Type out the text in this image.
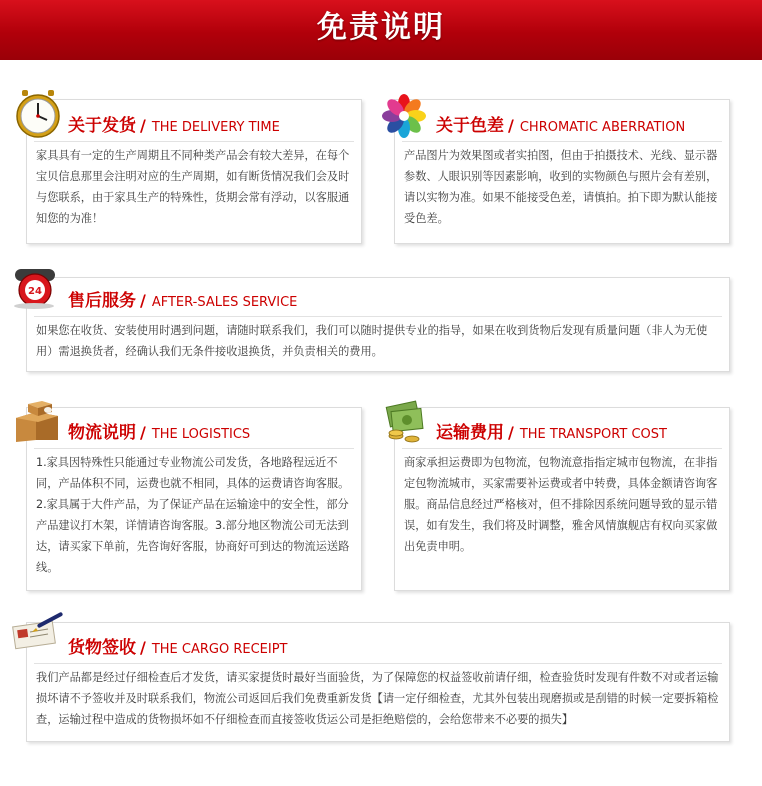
免责说明
关于发货 / THE DELIVERY TIME
家具具有一定的生产周期且不同种类产品会有较大差异，在每个宝贝信息那里会注明对应的生产周期，如有断货情况我们会及时与您联系，由于家具生产的特殊性，货期会常有浮动，以客服通知您的为准！
关于色差 / CHROMATIC ABERRATION
产品图片为效果图或者实拍图，但由于拍摄技术、光线、显示器参数、人眼识别等因素影响，收到的实物颜色与照片会有差别，请以实物为准。如果不能接受色差，请慎拍。拍下即为默认能接受色差。
24 售后服务 / AFTER-SALES SERVICE
如果您在收货、安装使用时遇到问题，请随时联系我们，我们可以随时提供专业的指导，如果在收到货物后发现有质量问题（非人为无使用）需退换货者，经确认我们无条件接收退换货，并负责相关的费用。
物流说明 / THE LOGISTICS
1.家具因特殊性只能通过专业物流公司发货，各地路程远近不同，产品体积不同，运费也就不相同，具体的运费请咨询客服。2.家具属于大件产品，为了保证产品在运输途中的安全性，部分产品建议打木架，详情请咨询客服。3.部分地区物流公司无法到达，请买家下单前，先咨询好客服，协商好可到达的物流运送路线。
运输费用 / THE TRANSPORT COST
商家承担运费即为包物流，包物流意指指定城市包物流，在非指定包物流城市，买家需要补运费或者中转费，具体金额请咨询客服。商品信息经过严格核对，但不排除因系统问题导致的显示错误，如有发生，我们将及时调整，雅舍风情旗舰店有权向买家做出免责申明。
货物签收 / THE CARGO RECEIPT
我们产品都是经过仔细检查后才发货，请买家提货时最好当面验货，为了保障您的权益签收前请仔细，检查验货时发现有件数不对或者运输损坏请不予签收并及时联系我们，物流公司返回后我们免费重新发货【请一定仔细检查，尤其外包装出现磨损或是刮错的时候一定要拆箱检查，运输过程中造成的货物损坏如不仔细检查而直接签收货运公司是拒绝赔偿的，会给您带来不必要的损失】
